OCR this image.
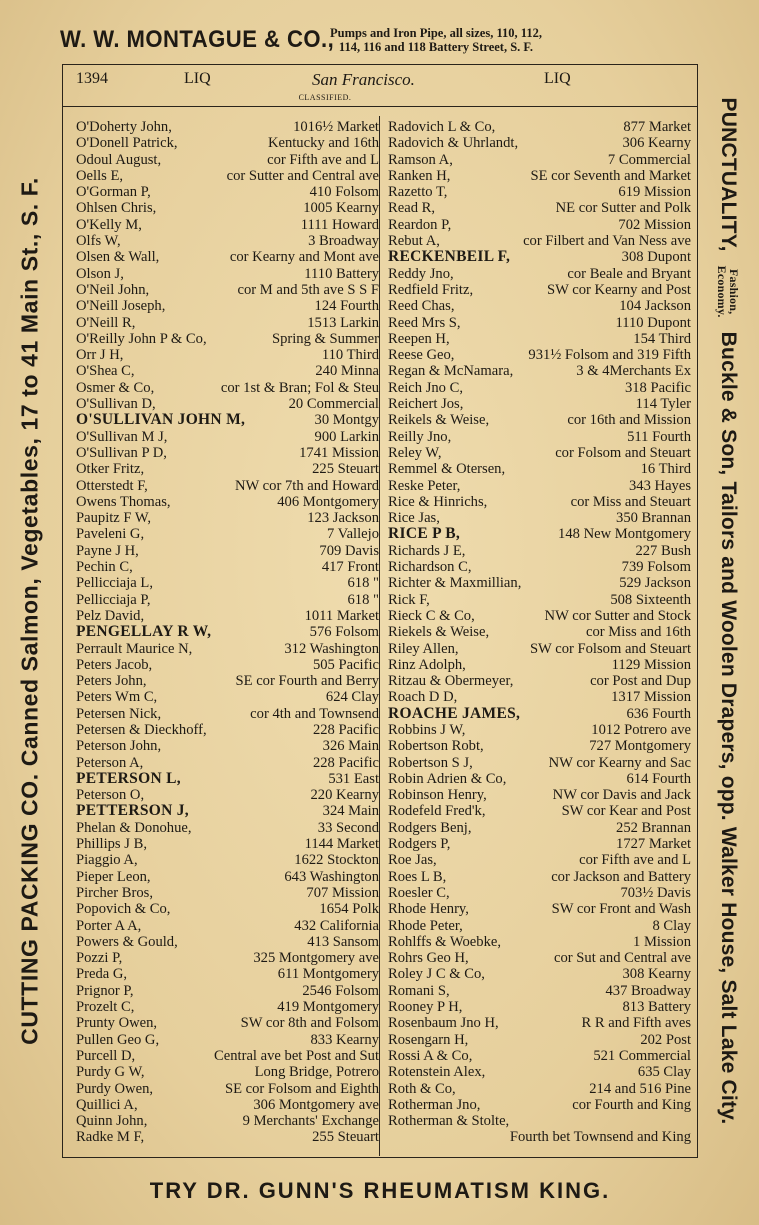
W. W. MONTAGUE & CO.,
Pumps and Iron Pipe, all sizes, 110, 112,
114, 116 and 118 Battery Street, S. F.
CUTTING PACKING CO. Canned Salmon, Vegetables, 17 to 41 Main St., S. F.
PUNCTUALITY, Fashion,
Economy. Buckle & Son, Tailors and Woolen Drapers, opp. Walker House, Salt Lake City.
1394	LIQ	San Francisco.	LIQ
CLASSIFIED.
O'Doherty John,	1016½ Market
O'Donell Patrick,	Kentucky and 16th
Odoul August,	cor Fifth ave and L
Oells E,	cor Sutter and Central ave
O'Gorman P,	410 Folsom
Ohlsen Chris,	1005 Kearny
O'Kelly M,	1111 Howard
Olfs W,	3 Broadway
Olsen & Wall,	cor Kearny and Mont ave
Olson J,	1110 Battery
O'Neil John,	cor M and 5th ave S S F
O'Neill Joseph,	124 Fourth
O'Neill R,	1513 Larkin
O'Reilly John P & Co,	Spring & Summer
Orr J H,	110 Third
O'Shea C,	240 Minna
Osmer & Co,	cor 1st & Bran; Fol & Steu
O'Sullivan D,	20 Commercial
O'SULLIVAN JOHN M,	30 Montgy
O'Sullivan M J,	900 Larkin
O'Sullivan P D,	1741 Mission
Otker Fritz,	225 Steuart
Otterstedt F,	NW cor 7th and Howard
Owens Thomas,	406 Montgomery
Paupitz F W,	123 Jackson
Paveleni G,	7 Vallejo
Payne J H,	709 Davis
Pechin C,	417 Front
Pellicciaja L,	618 "
Pellicciaja P,	618 "
Pelz David,	1011 Market
PENGELLAY R W,	576 Folsom
Perrault Maurice N,	312 Washington
Peters Jacob,	505 Pacific
Peters John,	SE cor Fourth and Berry
Peters Wm C,	624 Clay
Petersen Nick,	cor 4th and Townsend
Petersen & Dieckhoff,	228 Pacific
Peterson John,	326 Main
Peterson A,	228 Pacific
PETERSON L,	531 East
Peterson O,	220 Kearny
PETTERSON J,	324 Main
Phelan & Donohue,	33 Second
Phillips J B,	1144 Market
Piaggio A,	1622 Stockton
Pieper Leon,	643 Washington
Pircher Bros,	707 Mission
Popovich & Co,	1654 Polk
Porter A A,	432 California
Powers & Gould,	413 Sansom
Pozzi P,	325 Montgomery ave
Preda G,	611 Montgomery
Prignor P,	2546 Folsom
Prozelt C,	419 Montgomery
Prunty Owen,	SW cor 8th and Folsom
Pullen Geo G,	833 Kearny
Purcell D,	Central ave bet Post and Sut
Purdy G W,	Long Bridge, Potrero
Purdy Owen,	SE cor Folsom and Eighth
Quillici A,	306 Montgomery ave
Quinn John,	9 Merchants' Exchange
Radke M F,	255 Steuart
Radovich L & Co,	877 Market
Radovich & Uhrlandt,	306 Kearny
Ramson A,	7 Commercial
Ranken H,	SE cor Seventh and Market
Razetto T,	619 Mission
Read R,	NE cor Sutter and Polk
Reardon P,	702 Mission
Rebut A,	cor Filbert and Van Ness ave
RECKENBEIL F,	308 Dupont
Reddy Jno,	cor Beale and Bryant
Redfield Fritz,	SW cor Kearny and Post
Reed Chas,	104 Jackson
Reed Mrs S,	1110 Dupont
Reepen H,	154 Third
Reese Geo,	931½ Folsom and 319 Fifth
Regan & McNamara,	3 & 4Merchants Ex
Reich Jno C,	318 Pacific
Reichert Jos,	114 Tyler
Reikels & Weise,	cor 16th and Mission
Reilly Jno,	511 Fourth
Reley W,	cor Folsom and Steuart
Remmel & Otersen,	16 Third
Reske Peter,	343 Hayes
Rice & Hinrichs,	cor Miss and Steuart
Rice Jas,	350 Brannan
RICE P B,	148 New Montgomery
Richards J E,	227 Bush
Richardson C,	739 Folsom
Richter & Maxmillian,	529 Jackson
Rick F,	508 Sixteenth
Rieck C & Co,	NW cor Sutter and Stock
Riekels & Weise,	cor Miss and 16th
Riley Allen,	SW cor Folsom and Steuart
Rinz Adolph,	1129 Mission
Ritzau & Obermeyer,	cor Post and Dup
Roach D D,	1317 Mission
ROACHE JAMES,	636 Fourth
Robbins J W,	1012 Potrero ave
Robertson Robt,	727 Montgomery
Robertson S J,	NW cor Kearny and Sac
Robin Adrien & Co,	614 Fourth
Robinson Henry,	NW cor Davis and Jack
Rodefeld Fred'k,	SW cor Kear and Post
Rodgers Benj,	252 Brannan
Rodgers P,	1727 Market
Roe Jas,	cor Fifth ave and L
Roes L B,	cor Jackson and Battery
Roesler C,	703½ Davis
Rhode Henry,	SW cor Front and Wash
Rhode Peter,	8 Clay
Rohlffs & Woebke,	1 Mission
Rohrs Geo H,	cor Sut and Central ave
Roley J C & Co,	308 Kearny
Romani S,	437 Broadway
Rooney P H,	813 Battery
Rosenbaum Jno H,	R R and Fifth aves
Rosengarn H,	202 Post
Rossi A & Co,	521 Commercial
Rotenstein Alex,	635 Clay
Roth & Co,	214 and 516 Pine
Rotherman Jno,	cor Fourth and King
Rotherman & Stolte,
Fourth bet Townsend and King
TRY DR. GUNN'S RHEUMATISM KING.
